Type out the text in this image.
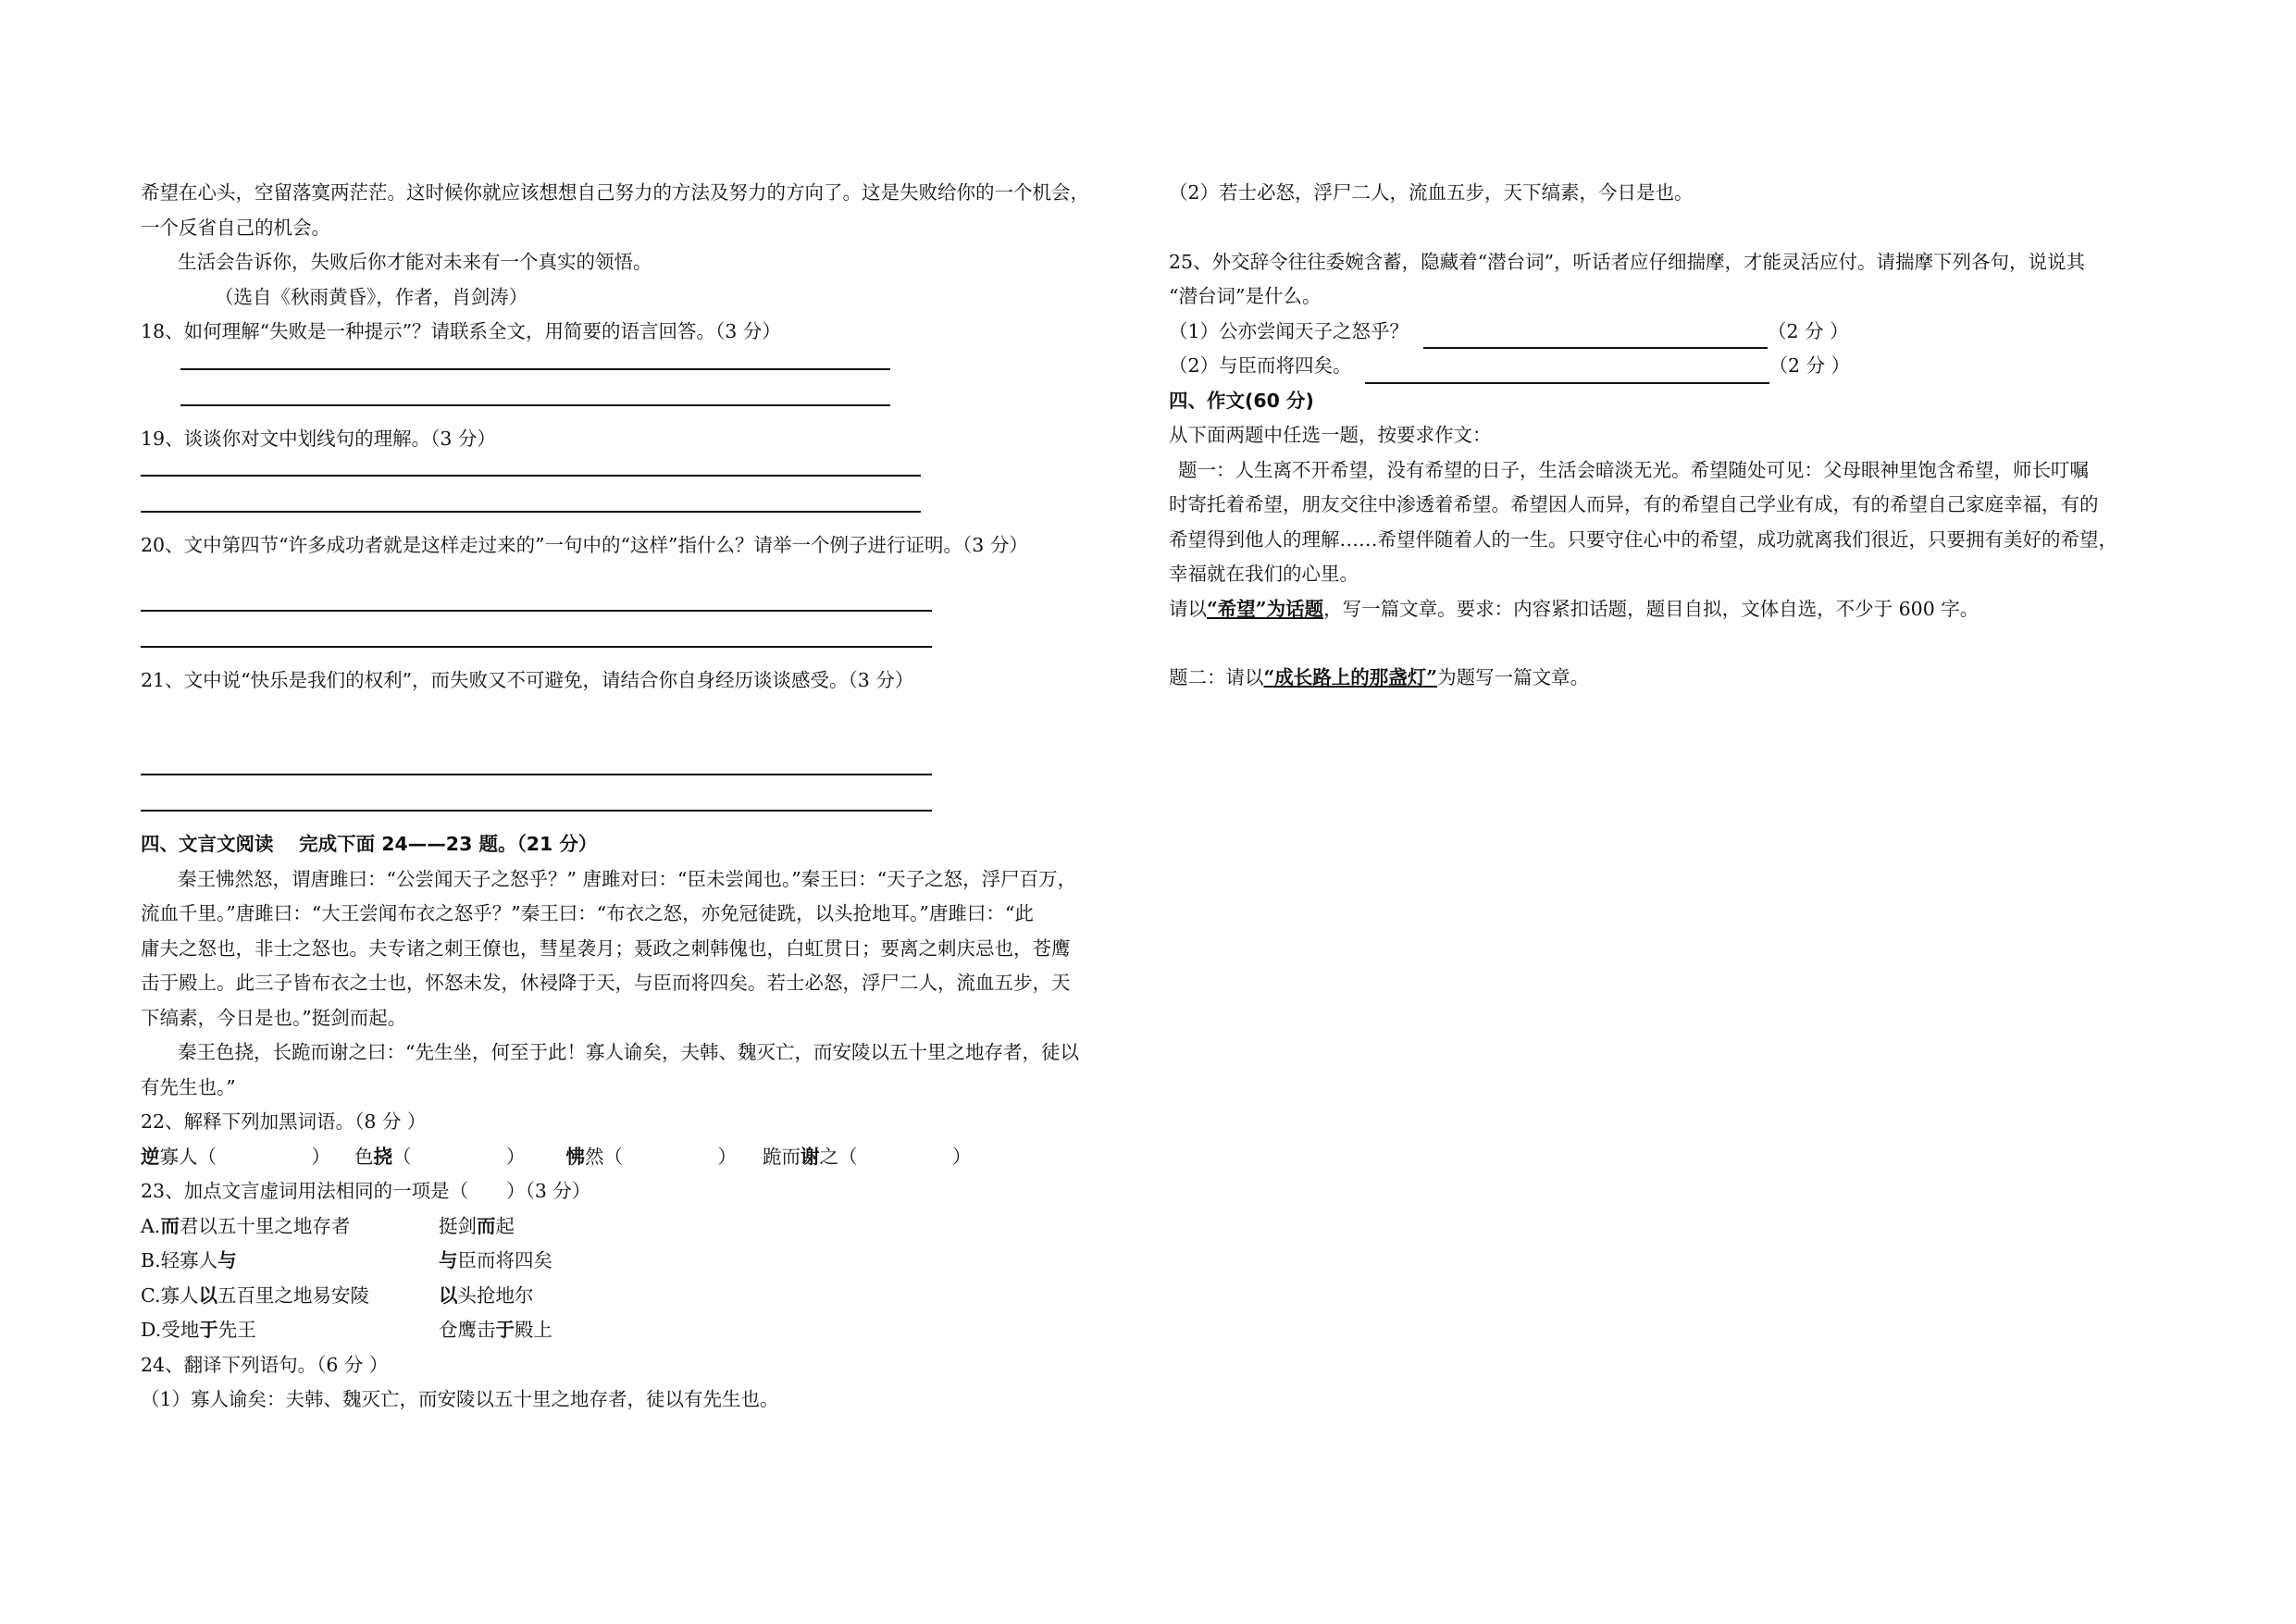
希望在心头，空留落寞两茫茫。这时候你就应该想想自己努力的方法及努力的方向了。这是失败给你的一个机会，

一个反省自己的机会。

生活会告诉你，失败后你才能对未来有一个真实的领悟。

（选自《秋雨黄昏》，作者，肖剑涛）

18、如何理解“失败是一种提示”？请联系全文，用简要的语言回答。（3 分）

19、谈谈你对文中划线句的理解。（3 分）

20、文中第四节“许多成功者就是这样走过来的”一句中的“这样”指什么？请举一个例子进行证明。（3 分）

21、文中说“快乐是我们的权利”，而失败又不可避免，请结合你自身经历谈谈感受。（3 分）

四、文言文阅读　 完成下面 24——23 题。（21 分）

秦王怫然怒，谓唐雎曰：“公尝闻天子之怒乎？” 唐雎对曰：“臣未尝闻也。”秦王曰：“天子之怒，浮尸百万，

流血千里。”唐雎曰：“大王尝闻布衣之怒乎？”秦王曰：“布衣之怒，亦免冠徒跣，以头抢地耳。”唐雎曰：“此

庸夫之怒也，非士之怒也。夫专诸之刺王僚也，彗星袭月；聂政之刺韩傀也，白虹贯日；要离之刺庆忌也，苍鹰

击于殿上。此三子皆布衣之士也，怀怒未发，休祲降于天，与臣而将四矣。若士必怒，浮尸二人，流血五步，天

下缟素，今日是也。”挺剑而起。

秦王色挠，长跪而谢之曰：“先生坐，何至于此！寡人谕矣，夫韩、魏灭亡，而安陵以五十里之地存者，徒以

有先生也。”

22、解释下列加黑词语。（8 分 ）

逆寡人（　　　　　） 色挠（　　　　　） 怫然（　　　　　） 跪而谢之（　　　　　）

23、加点文言虚词用法相同的一项是（　　）（3 分）

A.而君以五十里之地存者	挺剑而起
B.轻寡人与	与臣而将四矣
C.寡人以五百里之地易安陵	以头抢地尔
D.受地于先王	仓鹰击于殿上

24、翻译下列语句。（6 分 ）

（1）寡人谕矣：夫韩、魏灭亡，而安陵以五十里之地存者，徒以有先生也。

（2）若士必怒，浮尸二人，流血五步，天下缟素，今日是也。

25、外交辞令往往委婉含蓄，隐藏着“潜台词”，听话者应仔细揣摩，才能灵活应付。请揣摩下列各句，说说其

“潜台词”是什么。

（1）公亦尝闻天子之怒乎？	（2 分 ）

（2）与臣而将四矣。	（2 分 ）

四、作文(60 分)

从下面两题中任选一题，按要求作文：

题一：人生离不开希望，没有希望的日子，生活会暗淡无光。希望随处可见：父母眼神里饱含希望，师长叮嘱

时寄托着希望，朋友交往中渗透着希望。希望因人而异，有的希望自己学业有成，有的希望自己家庭幸福，有的

希望得到他人的理解……希望伴随着人的一生。只要守住心中的希望，成功就离我们很近，只要拥有美好的希望，

幸福就在我们的心里。

请以“希望”为话题，写一篇文章。要求：内容紧扣话题，题目自拟，文体自选，不少于 600 字。

题二：请以“成长路上的那盏灯”为题写一篇文章。
